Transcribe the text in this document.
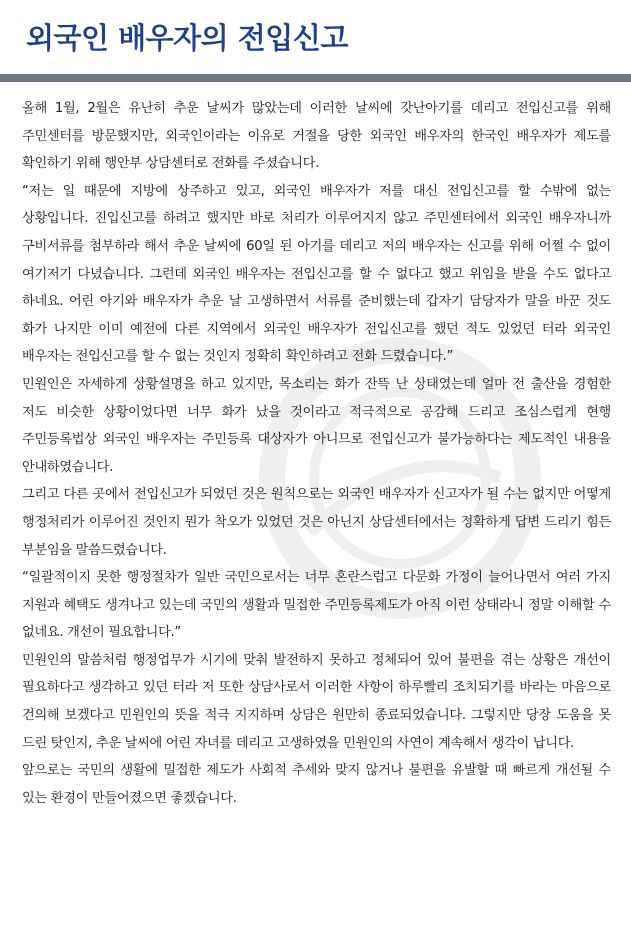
외국인 배우자의 전입신고

올해 1월, 2월은 유난히 추운 날씨가 많았는데 이러한 날씨에 갓난아기를 데리고 전입신고를 위해 주민센터를 방문했지만, 외국인이라는 이유로 거절을 당한 외국인 배우자의 한국인 배우자가 제도를 확인하기 위해 행안부 상담센터로 전화를 주셨습니다.

“저는 일 때문에 지방에 상주하고 있고, 외국인 배우자가 저를 대신 전입신고를 할 수밖에 없는 상황입니다. 진입신고를 하려고 했지만 바로 처리가 이루어지지 않고 주민센터에서 외국인 배우자니까 구비서류를 첨부하라 해서 추운 날씨에 60일 된 아기를 데리고 저의 배우자는 신고를 위해 어쩔 수 없이 여기저기 다녔습니다. 그런데 외국인 배우자는 전입신고를 할 수 없다고 했고 위임을 받을 수도 없다고 하네요. 어린 아기와 배우자가 추운 날 고생하면서 서류를 준비했는데 갑자기 담당자가 말을 바꾼 것도 화가 나지만 이미 예전에 다른 지역에서 외국인 배우자가 전입신고를 했던 적도 있었던 터라 외국인 배우자는 전입신고를 할 수 없는 것인지 정확히 확인하려고 전화 드렸습니다.”

민원인은 자세하게 상황설명을 하고 있지만, 목소리는 화가 잔뜩 난 상태였는데 얼마 전 출산을 경험한 저도 비슷한 상황이었다면 너무 화가 났을 것이라고 적극적으로 공감해 드리고 조심스럽게 현행 주민등록법상 외국인 배우자는 주민등록 대상자가 아니므로 전입신고가 불가능하다는 제도적인 내용을 안내하였습니다.

그리고 다른 곳에서 전입신고가 되었던 것은 원칙으로는 외국인 배우자가 신고자가 될 수는 없지만 어떻게 행정처리가 이루어진 것인지 뭔가 착오가 있었던 것은 아닌지 상담센터에서는 정확하게 답변 드리기 힘든 부분임을 말씀드렸습니다.

“일괄적이지 못한 행정절차가 일반 국민으로서는 너무 혼란스럽고 다문화 가정이 늘어나면서 여러 가지 지원과 혜택도 생겨나고 있는데 국민의 생활과 밀접한 주민등록제도가 아직 이런 상태라니 정말 이해할 수 없네요. 개선이 필요합니다.”

민원인의 말씀처럼 행정업무가 시기에 맞춰 발전하지 못하고 정체되어 있어 불편을 겪는 상황은 개선이 필요하다고 생각하고 있던 터라 저 또한 상담사로서 이러한 사항이 하루빨리 조치되기를 바라는 마음으로 건의해 보겠다고 민원인의 뜻을 적극 지지하며 상담은 원만히 종료되었습니다. 그렇지만 당장 도움을 못 드린 탓인지, 추운 날씨에 어린 자녀를 데리고 고생하였을 민원인의 사연이 계속해서 생각이 납니다.

앞으로는 국민의 생활에 밀접한 제도가 사회적 추세와 맞지 않거나 불편을 유발할 때 빠르게 개선될 수 있는 환경이 만들어졌으면 좋겠습니다.
